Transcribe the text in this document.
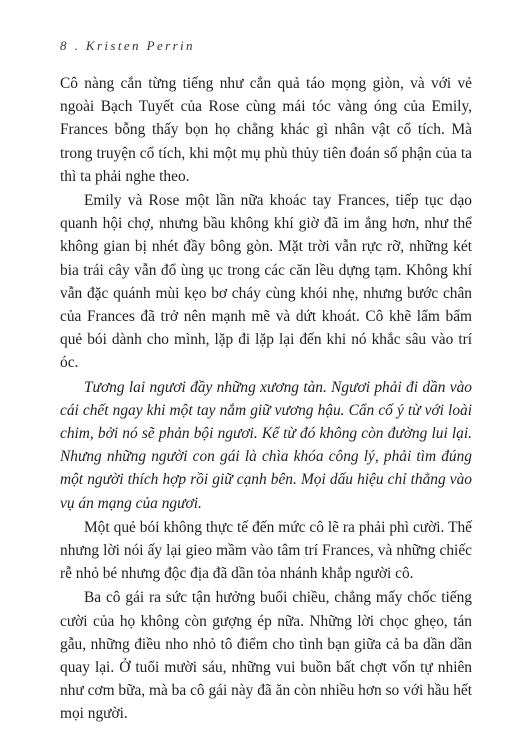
8 . Kristen Perrin

Cô nàng cắn từng tiếng như cắn quả táo mọng giòn, và với vẻ ngoài Bạch Tuyết của Rose cùng mái tóc vàng óng của Emily, Frances bỗng thấy bọn họ chẳng khác gì nhân vật cổ tích. Mà trong truyện cổ tích, khi một mụ phù thủy tiên đoán số phận của ta thì ta phải nghe theo.

Emily và Rose một lần nữa khoác tay Frances, tiếp tục dạo quanh hội chợ, nhưng bầu không khí giờ đã im ắng hơn, như thể không gian bị nhét đầy bông gòn. Mặt trời vẫn rực rỡ, những két bia trái cây vẫn đổ ùng ục trong các căn lều dựng tạm. Không khí vẫn đặc quánh mùi kẹo bơ cháy cùng khói nhẹ, nhưng bước chân của Frances đã trở nên mạnh mẽ và dứt khoát. Cô khẽ lẩm bẩm quẻ bói dành cho mình, lặp đi lặp lại đến khi nó khắc sâu vào trí óc.

Tương lai ngươi đầy những xương tàn. Ngươi phải đi dần vào cái chết ngay khi một tay nắm giữ vương hậu. Cẩn cố ý từ với loài chim, bởi nó sẽ phản bội ngươi. Kể từ đó không còn đường lui lại. Nhưng những người con gái là chìa khóa công lý, phải tìm đúng một người thích hợp rồi giữ cạnh bên. Mọi dấu hiệu chỉ thẳng vào vụ án mạng của ngươi.

Một quẻ bói không thực tế đến mức cô lẽ ra phải phì cười. Thế nhưng lời nói ấy lại gieo mầm vào tâm trí Frances, và những chiếc rễ nhỏ bé nhưng độc địa đã dần tỏa nhánh khắp người cô.

Ba cô gái ra sức tận hưởng buổi chiều, chẳng mấy chốc tiếng cười của họ không còn gượng ép nữa. Những lời chọc ghẹo, tán gẫu, những điều nho nhỏ tô điểm cho tình bạn giữa cả ba dần dần quay lại. Ở tuổi mười sáu, những vui buồn bất chợt vốn tự nhiên như cơm bữa, mà ba cô gái này đã ăn còn nhiều hơn so với hầu hết mọi người.
